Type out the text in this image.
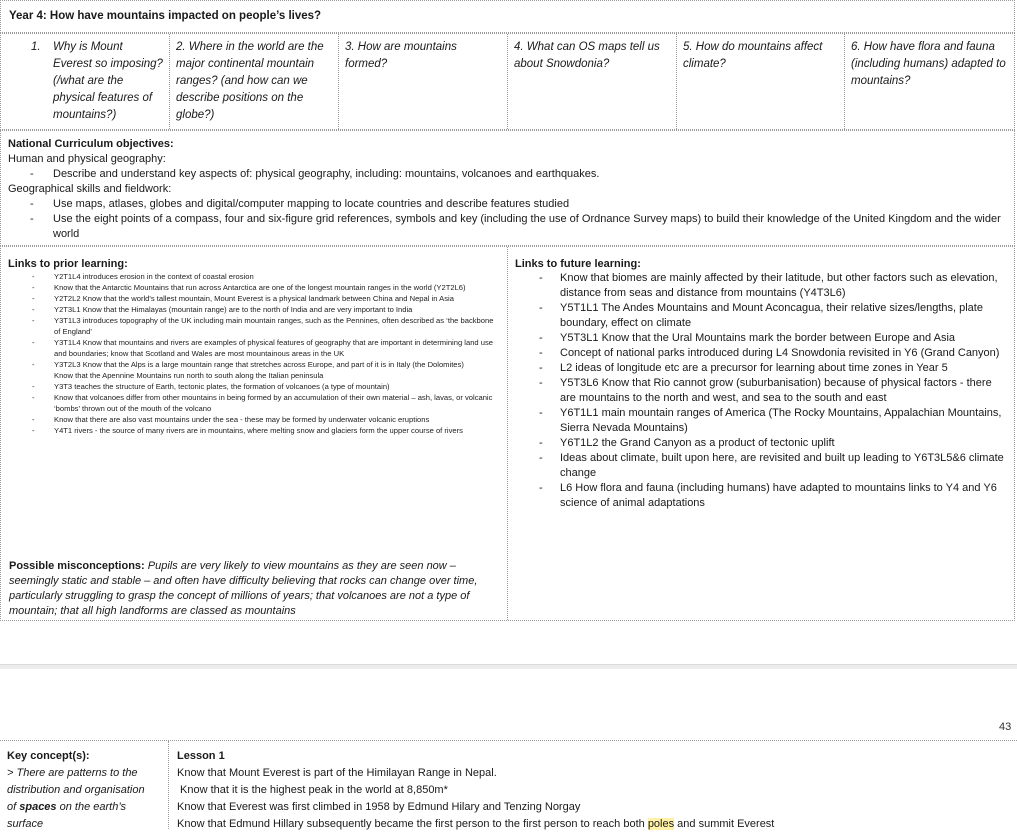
Year 4: How have mountains impacted on people’s lives?
1.	Why is Mount Everest so imposing? (/what are the physical features of mountains?)
2. Where in the world are the major continental mountain ranges? (and how can we describe positions on the globe?)
3. How are mountains formed?
4. What can OS maps tell us about Snowdonia?
5. How do mountains affect climate?
6. How have flora and fauna (including humans) adapted to mountains?
National Curriculum objectives:
Human and physical geography:
- Describe and understand key aspects of: physical geography, including: mountains, volcanoes and earthquakes.
Geographical skills and fieldwork:
- Use maps, atlases, globes and digital/computer mapping to locate countries and describe features studied
- Use the eight points of a compass, four and six-figure grid references, symbols and key (including the use of Ordnance Survey maps) to build their knowledge of the United Kingdom and the wider world
Links to prior learning:
-	Y2T1L4 introduces erosion in the context of coastal erosion
-	Know that the Antarctic Mountains that run across Antarctica are one of the longest mountain ranges in the world (Y2T2L6)
-	Y2T2L2 Know that the world's tallest mountain, Mount Everest is a physical landmark between China and Nepal in Asia
-	Y2T3L1 Know that the Himalayas (mountain range) are to the north of India and are very important to India
-	Y3T1L3 introduces topography of the UK including main mountain ranges, such as the Pennines, often described as ‘the backbone of England’
-	Y3T1L4 Know that mountains and rivers are examples of physical features of geography that are important in determining land use and boundaries; know that Scotland and Wales are most mountainous areas in the UK
-	Y3T2L3 Know that the Alps is a large mountain range that stretches across Europe, and part of it is in Italy (the Dolomites)
Know that the Apennine Mountains run north to south along the Italian peninsula
-	Y3T3 teaches the structure of Earth, tectonic plates, the formation of volcanoes (a type of mountain)
-	Know that volcanoes differ from other mountains in being formed by an accumulation of their own material – ash, lavas, or volcanic ‘bombs’ thrown out of the mouth of the volcano
-	Know that there are also vast mountains under the sea - these may be formed by underwater volcanic eruptions
-	Y4T1 rivers - the source of many rivers are in mountains, where melting snow and glaciers form the upper course of rivers
Possible misconceptions: Pupils are very likely to view mountains as they are seen now – seemingly static and stable – and often have difficulty believing that rocks can change over time, particularly struggling to grasp the concept of millions of years; that volcanoes are not a type of mountain; that all high landforms are classed as mountains
Links to future learning:
- Know that biomes are mainly affected by their latitude, but other factors such as elevation, distance from seas and distance from mountains (Y4T3L6)
- Y5T1L1 The Andes Mountains and Mount Aconcagua, their relative sizes/lengths, plate boundary, effect on climate
- Y5T3L1 Know that the Ural Mountains mark the border between Europe and Asia
- Concept of national parks introduced during L4 Snowdonia revisited in Y6 (Grand Canyon)
- L2 ideas of longitude etc are a precursor for learning about time zones in Year 5
- Y5T3L6 Know that Rio cannot grow (suburbanisation) because of physical factors - there are mountains to the north and west, and sea to the south and east
- Y6T1L1 main mountain ranges of America (The Rocky Mountains, Appalachian Mountains, Sierra Nevada Mountains)
- Y6T1L2 the Grand Canyon as a product of tectonic uplift
- Ideas about climate, built upon here, are revisited and built up leading to Y6T3L5&6 climate change
- L6 How flora and fauna (including humans) have adapted to mountains links to Y4 and Y6 science of animal adaptations
43
Key concept(s):
> There are patterns to the
distribution and organisation
of spaces on the earth’s
surface
Lesson 1
Know that Mount Everest is part of the Himilayan Range in Nepal.
Know that it is the highest peak in the world at 8,850m*
Know that Everest was first climbed in 1958 by Edmund Hilary and Tenzing Norgay
Know that Edmund Hillary subsequently became the first person to the first person to reach both poles and summit Everest
